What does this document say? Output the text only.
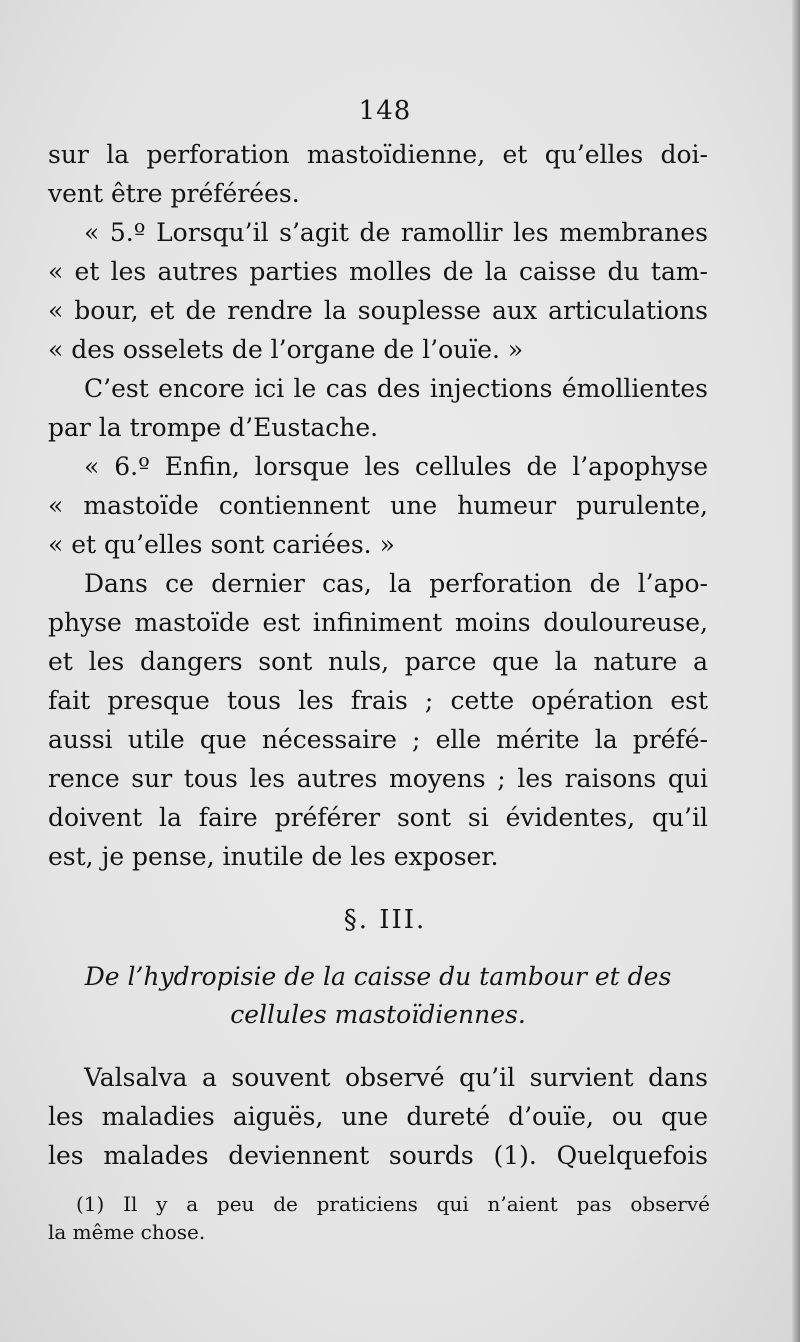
148
sur la perforation mastoïdienne, et qu’elles doi-
vent être préférées.
« 5.º Lorsqu’il s’agit de ramollir les membranes
« et les autres parties molles de la caisse du tam-
« bour, et de rendre la souplesse aux articulations
« des osselets de l’organe de l’ouïe. »
C’est encore ici le cas des injections émollientes
par la trompe d’Eustache.
« 6.º Enfin, lorsque les cellules de l’apophyse
« mastoïde contiennent une humeur purulente,
« et qu’elles sont cariées. »
Dans ce dernier cas, la perforation de l’apo-
physe mastoïde est infiniment moins douloureuse,
et les dangers sont nuls, parce que la nature a
fait presque tous les frais ; cette opération est
aussi utile que nécessaire ; elle mérite la préfé-
rence sur tous les autres moyens ; les raisons qui
doivent la faire préférer sont si évidentes, qu’il
est, je pense, inutile de les exposer.
§. III.
De l’hydropisie de la caisse du tambour et des
cellules mastoïdiennes.
Valsalva a souvent observé qu’il survient dans
les maladies aiguës, une dureté d’ouïe, ou que
les malades deviennent sourds (1). Quelquefois
(1) Il y a peu de praticiens qui n’aient pas observé
la même chose.
